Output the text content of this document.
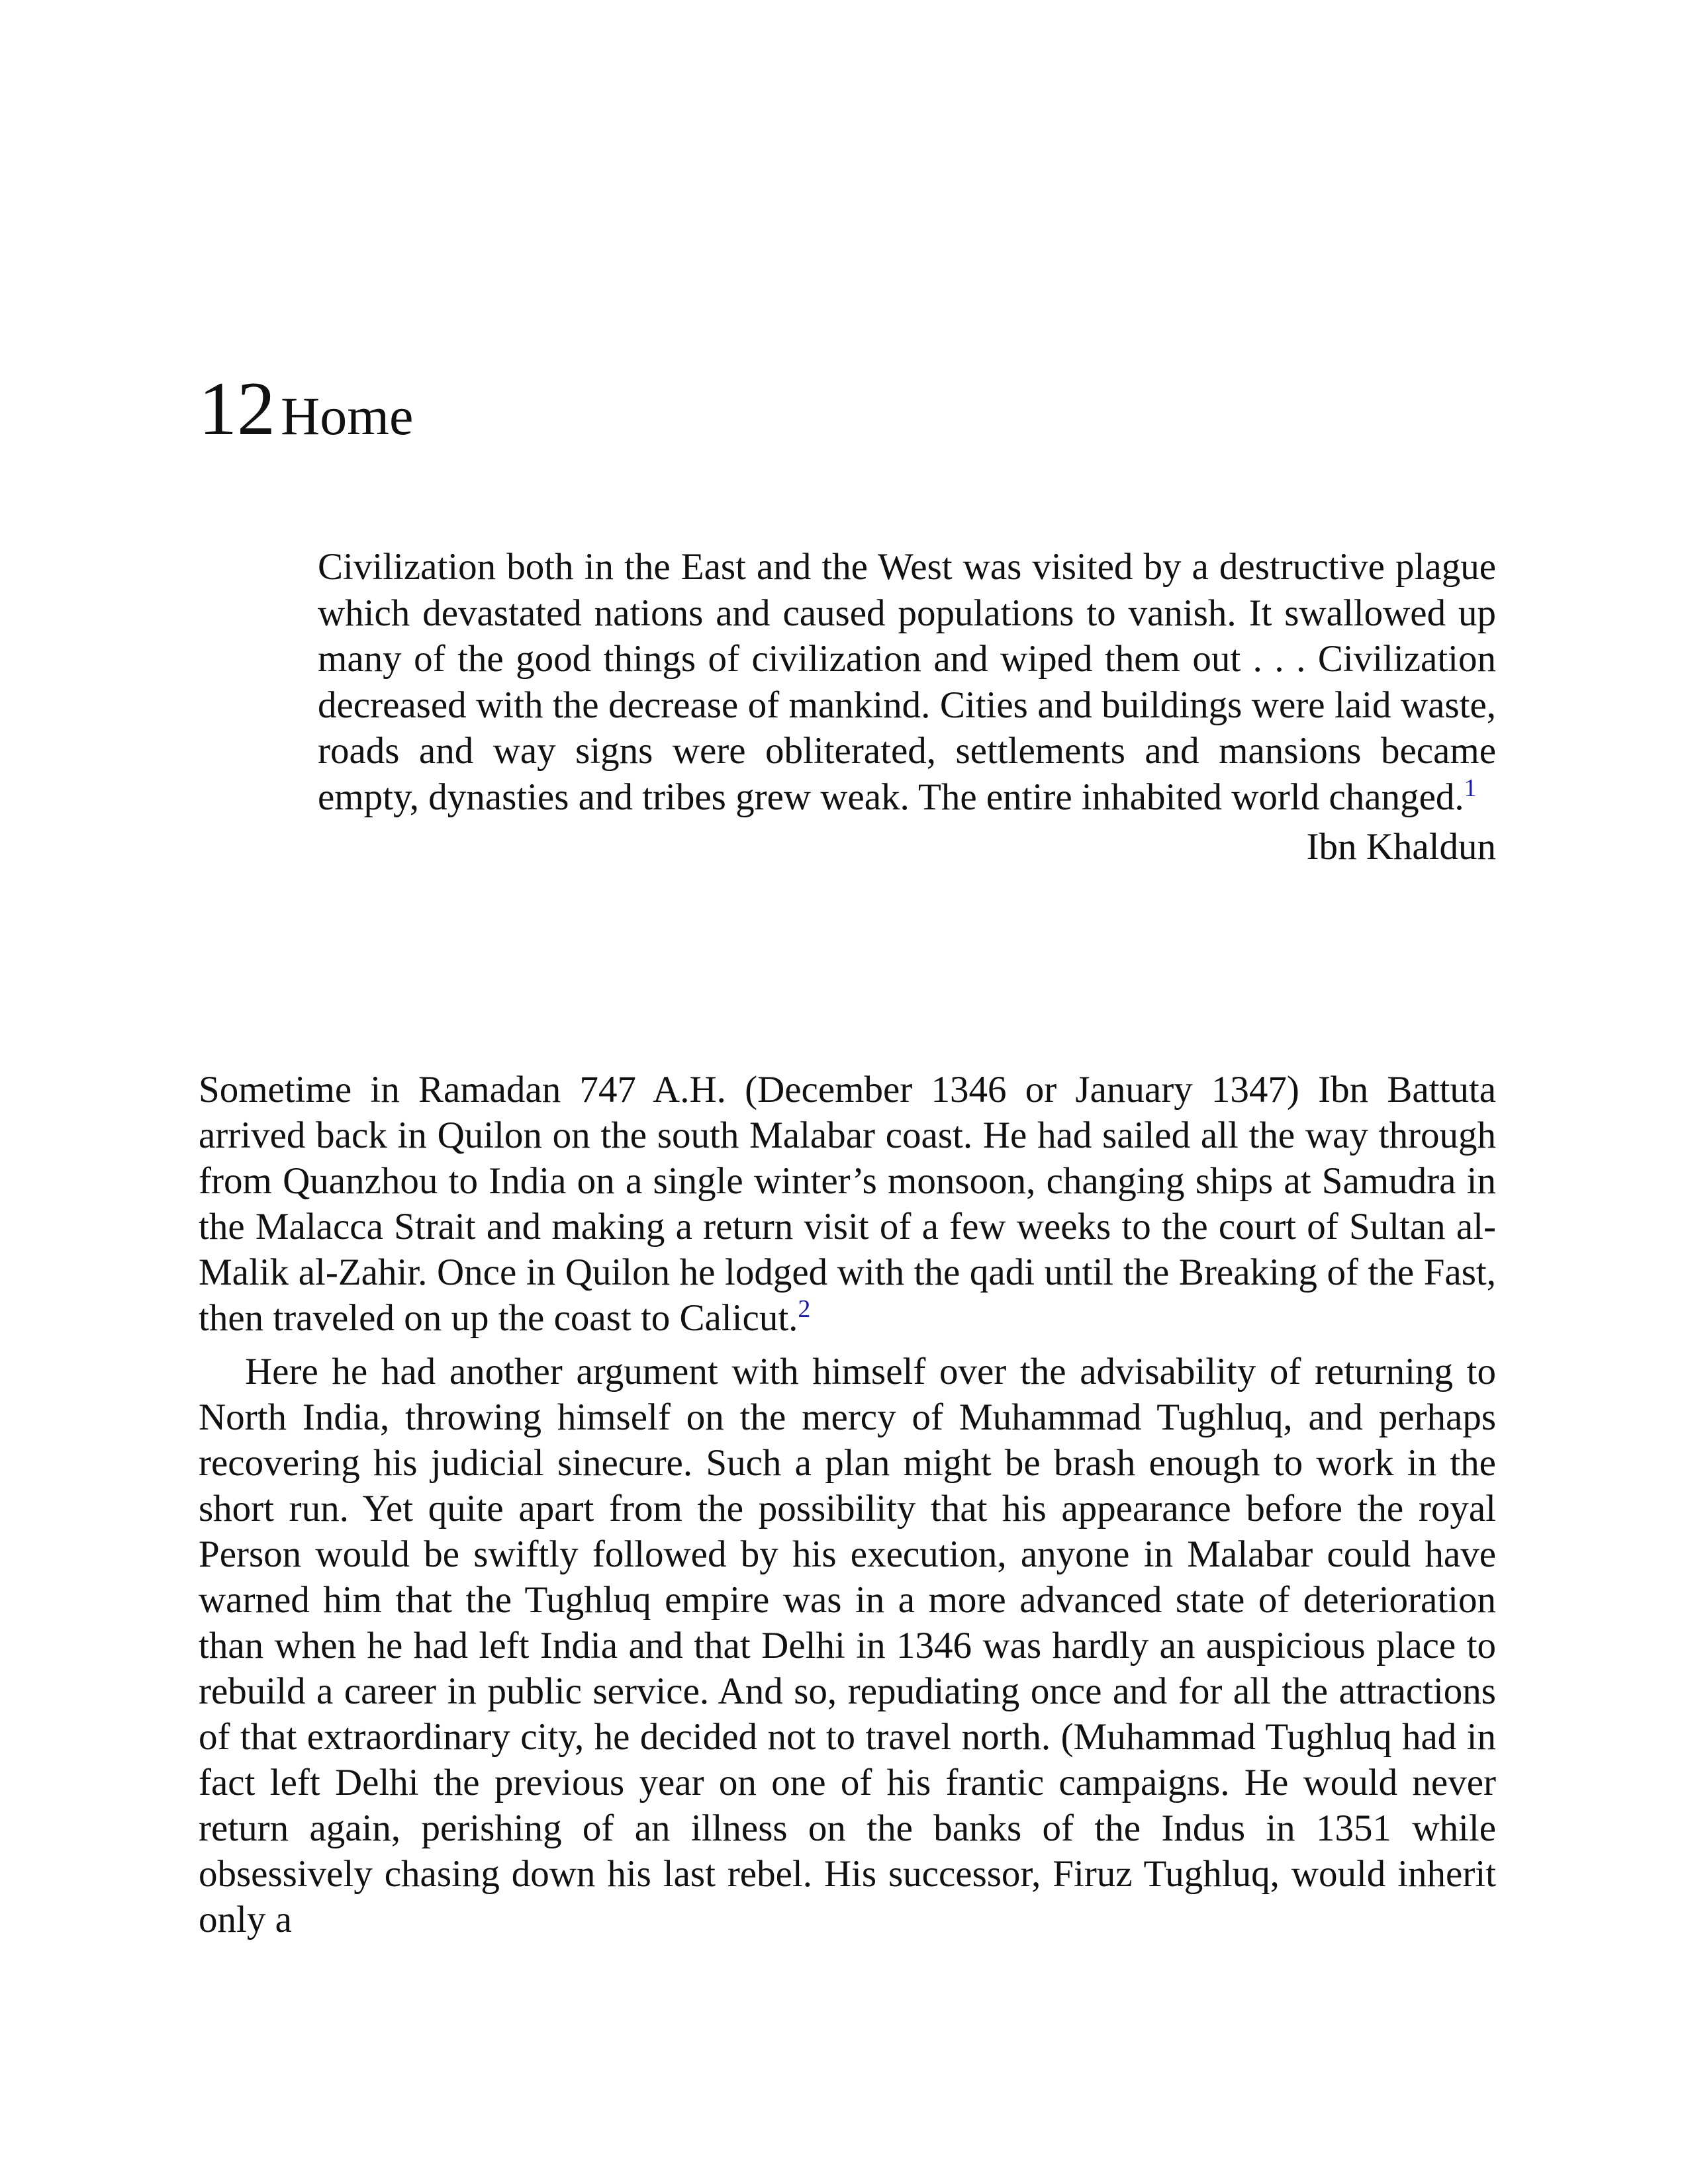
12 Home

Civilization both in the East and the West was visited by a destructive plague which devastated nations and caused populations to vanish. It swallowed up many of the good things of civilization and wiped them out . . . Civilization decreased with the decrease of mankind. Cities and buildings were laid waste, roads and way signs were obliterated, settlements and mansions became empty, dynasties and tribes grew weak. The entire inhabited world changed.$^1$

Ibn Khaldun

Sometime in Ramadan 747 A.H. (December 1346 or January 1347) Ibn Battuta arrived back in Quilon on the south Malabar coast. He had sailed all the way through from Quanzhou to India on a single winter’s monsoon, changing ships at Samudra in the Malacca Strait and making a return visit of a few weeks to the court of Sultan al-Malik al-Zahir. Once in Quilon he lodged with the qadi until the Breaking of the Fast, then traveled on up the coast to Calicut.$^2$

Here he had another argument with himself over the advisability of returning to North India, throwing himself on the mercy of Muhammad Tughluq, and perhaps recovering his judicial sinecure. Such a plan might be brash enough to work in the short run. Yet quite apart from the possibility that his appearance before the royal Person would be swiftly followed by his execution, anyone in Malabar could have warned him that the Tughluq empire was in a more advanced state of deterioration than when he had left India and that Delhi in 1346 was hardly an auspicious place to rebuild a career in public service. And so, repudiating once and for all the attractions of that extraordinary city, he decided not to travel north. (Muhammad Tughluq had in fact left Delhi the previous year on one of his frantic campaigns. He would never return again, perishing of an illness on the banks of the Indus in 1351 while obsessively chasing down his last rebel. His successor, Firuz Tughluq, would inherit only a
